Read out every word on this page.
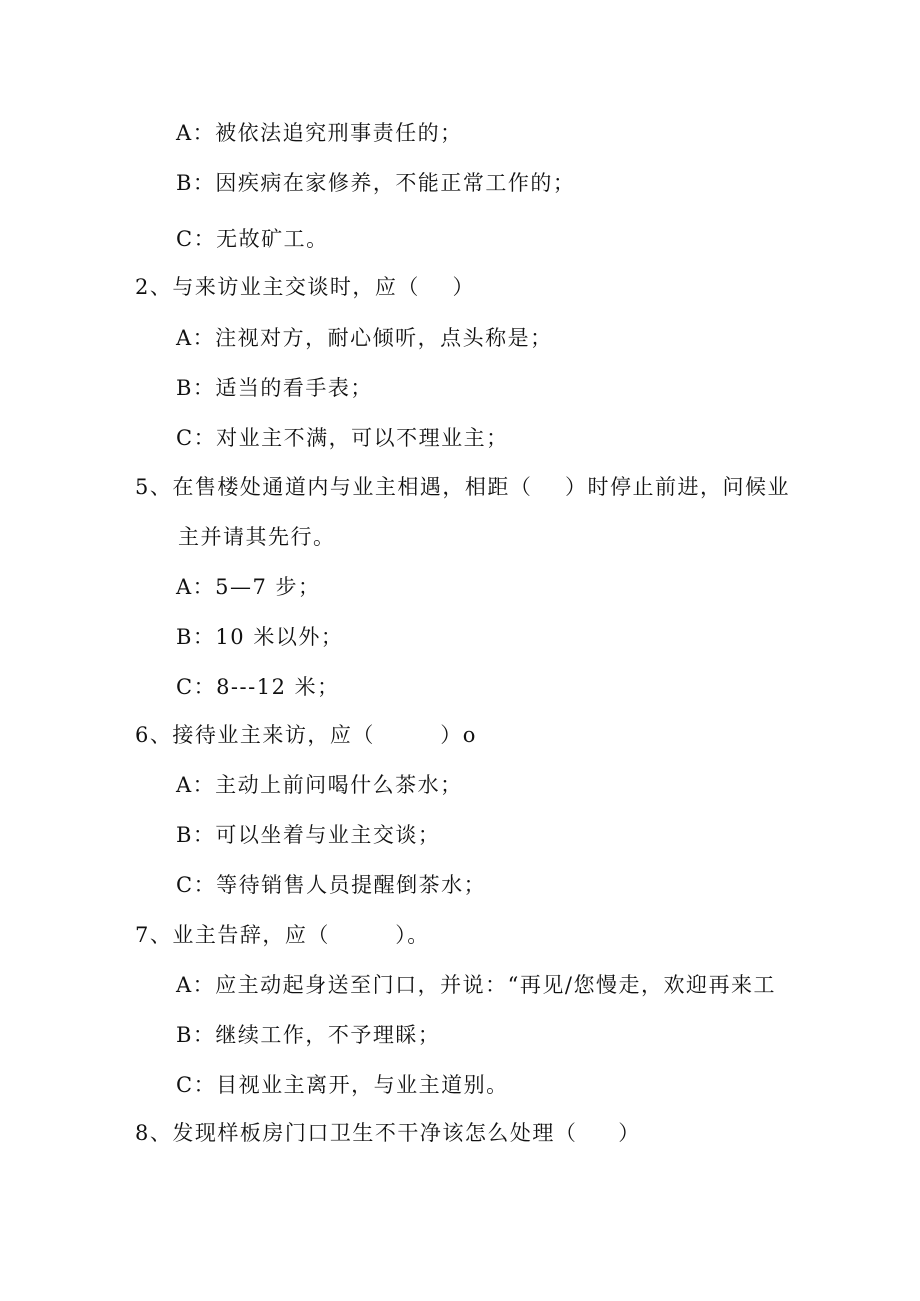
A：被依法追究刑事责任的；
B：因疾病在家修养，不能正常工作的；
C：无故矿工。
2、与来访业主交谈时，应（    ）
A：注视对方，耐心倾听，点头称是；
B：适当的看手表；
C：对业主不满，可以不理业主；
5、在售楼处通道内与业主相遇，相距（    ）时停止前进，问候业
主并请其先行。
A：5—7 步；
B：10 米以外；
C：8---12 米；
6、接待业主来访，应（        ）o
A：主动上前问喝什么茶水；
B：可以坐着与业主交谈；
C：等待销售人员提醒倒茶水；
7、业主告辞，应（        ）。
A：应主动起身送至门口，并说：“再见/您慢走，欢迎再来工
B：继续工作，不予理睬；
C：目视业主离开，与业主道别。
8、发现样板房门口卫生不干净该怎么处理（     ）
